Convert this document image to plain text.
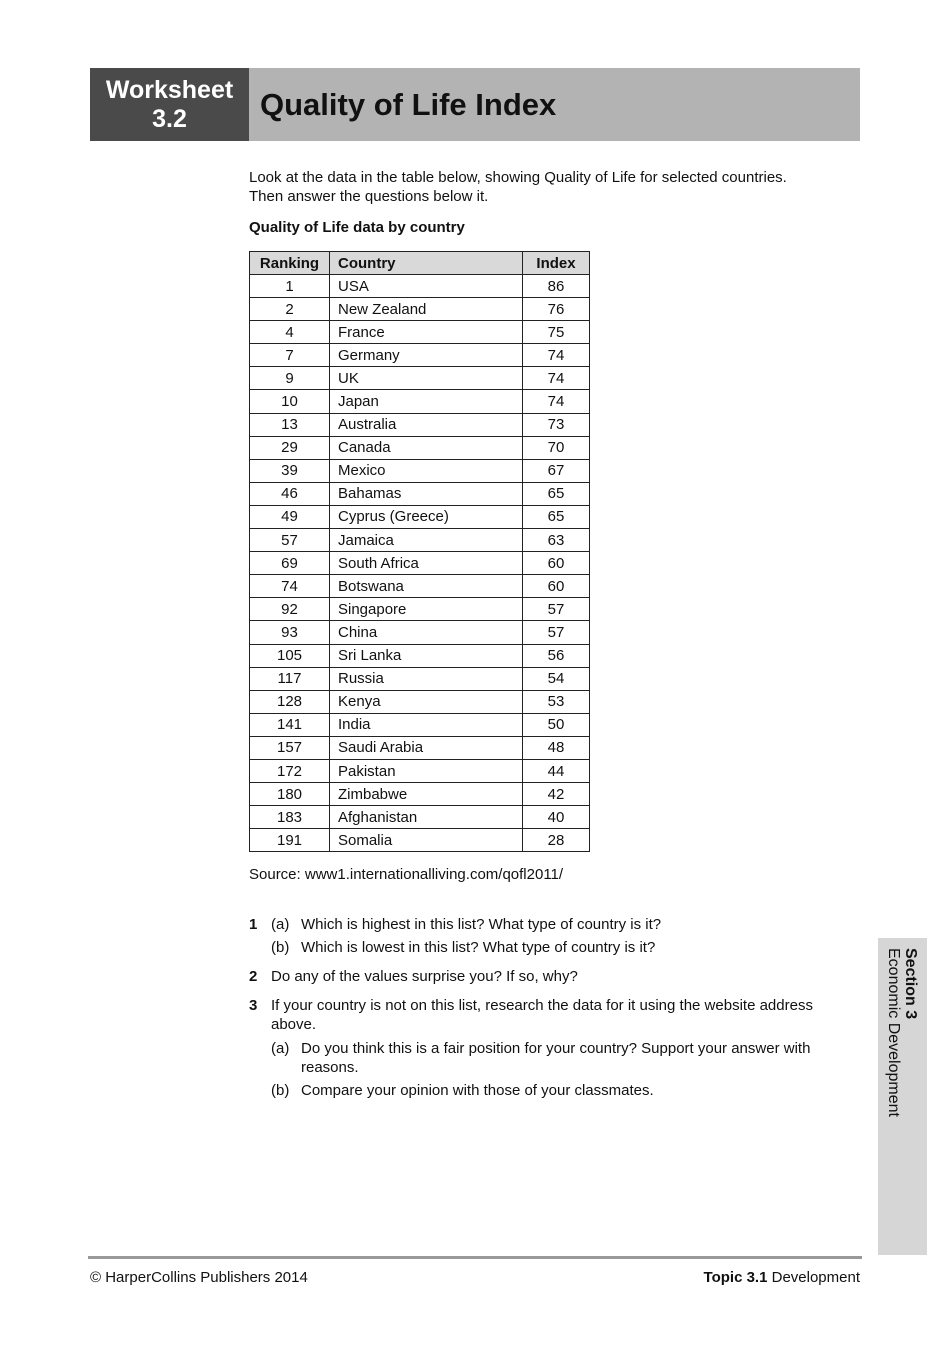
Worksheet
3.2	Quality of Life Index

Look at the data in the table below, showing Quality of Life for selected countries.

Then answer the questions below it.

Quality of Life data by country
Ranking	Country	Index
1	USA	86
2	New Zealand	76
4	France	75
7	Germany	74
9	UK	74
10	Japan	74
13	Australia	73
29	Canada	70
39	Mexico	67
46	Bahamas	65
49	Cyprus (Greece)	65
57	Jamaica	63
69	South Africa	60
74	Botswana	60
92	Singapore	57
93	China	57
105	Sri Lanka	56
117	Russia	54
128	Kenya	53
141	India	50
157	Saudi Arabia	48
172	Pakistan	44
180	Zimbabwe	42
183	Afghanistan	40
191	Somalia	28
Source: www1.internationalliving.com/qofl2011/
1 (a) Which is highest in this list? What type of country is it?
(b) Which is lowest in this list? What type of country is it?
2 Do any of the values surprise you? If so, why?
3 If your country is not on this list, research the data for it using the website address above.
(a) Do you think this is a fair position for your country? Support your answer with reasons.
(b) Compare your opinion with those of your classmates.
Section 3
Economic Development
© HarperCollins Publishers 2014	Topic 3.1 Development
